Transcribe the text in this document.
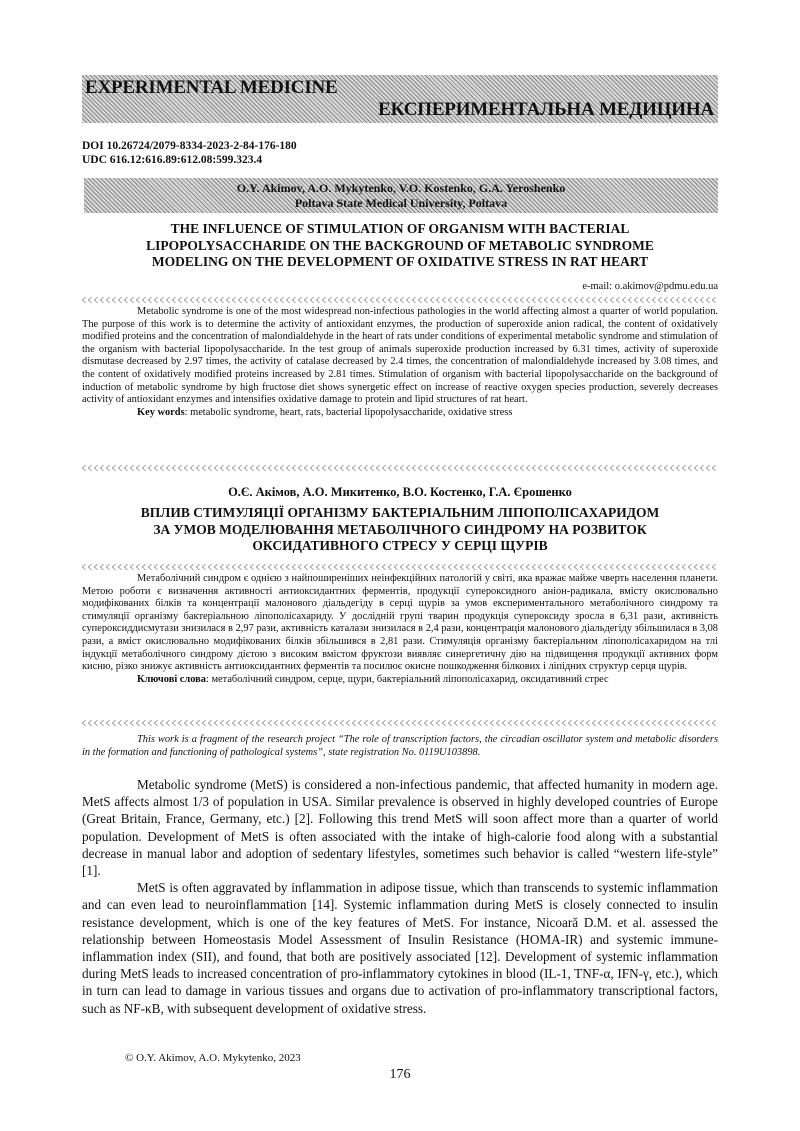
EXPERIMENTAL MEDICINE
ЕКСПЕРИМЕНТАЛЬНА МЕДИЦИНА
DOI 10.26724/2079-8334-2023-2-84-176-180
UDC 616.12:616.89:612.08:599.323.4
O.Y. Akimov, A.O. Mykytenko, V.O. Kostenko, G.A. Yeroshenko
Poltava State Medical University, Poltava
THE INFLUENCE OF STIMULATION OF ORGANISM WITH BACTERIAL
LIPOPOLYSACCHARIDE ON THE BACKGROUND OF METABOLIC SYNDROME
MODELING ON THE DEVELOPMENT OF OXIDATIVE STRESS IN RAT HEART
e-mail: o.akimov@pdmu.edu.ua

Metabolic syndrome is one of the most widespread non-infectious pathologies in the world affecting almost a quarter of world population. The purpose of this work is to determine the activity of antioxidant enzymes, the production of superoxide anion radical, the content of oxidatively modified proteins and the concentration of malondialdehyde in the heart of rats under conditions of experimental metabolic syndrome and stimulation of the organism with bacterial lipopolysaccharide. In the test group of animals superoxide production increased by 6.31 times, activity of superoxide dismutase decreased by 2.97 times, the activity of catalase decreased by 2.4 times, the concentration of malondialdehyde increased by 3.08 times, and the content of oxidatively modified proteins increased by 2.81 times. Stimulation of organism with bacterial lipopolysaccharide on the background of induction of metabolic syndrome by high fructose diet shows synergetic effect on increase of reactive oxygen species production, severely decreases activity of antioxidant enzymes and intensifies oxidative damage to protein and lipid structures of rat heart.

Key words: metabolic syndrome, heart, rats, bacterial lipopolysaccharide, oxidative stress

О.Є. Акімов, А.О. Микитенко, В.О. Костенко, Г.А. Єрошенко
ВПЛИВ СТИМУЛЯЦІЇ ОРГАНІЗМУ БАКТЕРІАЛЬНИМ ЛІПОПОЛІСАХАРИДОМ
ЗА УМОВ МОДЕЛЮВАННЯ МЕТАБОЛІЧНОГО СИНДРОМУ НА РОЗВИТОК
ОКСИДАТИВНОГО СТРЕСУ У СЕРЦІ ЩУРІВ

Метаболічний синдром є однією з найпоширеніших неінфекційних патологій у світі, яка вражає майже чверть населення планети. Метою роботи є визначення активності антиоксидантних ферментів, продукції супероксидного аніон-радикала, вмісту окислювально модифікованих білків та концентрації малонового діальдегіду в серці щурів за умов експериментального метаболічного синдрому та стимуляції організму бактеріальною ліпополісахариду. У дослідній групі тварин продукція супероксиду зросла в 6,31 рази, активність супероксиддисмутази знизилася в 2,97 рази, активність каталази знизилася в 2,4 рази, концентрація малонового діальдегіду збільшилася в 3,08 рази, а вміст окислювально модифікованих білків збільшився в 2,81 рази. Стимуляція організму бактеріальним ліпополісахаридом на тлі індукції метаболічного синдрому дієтою з високим вмістом фруктози виявляє синергетичну дію на підвищення продукції активних форм кисню, різко знижує активність антиоксидантних ферментів та посилює окисне пошкодження білкових і ліпідних структур серця щурів.

Ключові слова: метаболічний синдром, серце, щури, бактеріальний ліпополісахарид, оксидативний стрес

This work is a fragment of the research project “The role of transcription factors, the circadian oscillator system and metabolic disorders in the formation and functioning of pathological systems”, state registration No. 0119U103898.

Metabolic syndrome (MetS) is considered a non-infectious pandemic, that affected humanity in modern age. MetS affects almost 1/3 of population in USA. Similar prevalence is observed in highly developed countries of Europe (Great Britain, France, Germany, etc.) [2]. Following this trend MetS will soon affect more than a quarter of world population. Development of MetS is often associated with the intake of high-calorie food along with a substantial decrease in manual labor and adoption of sedentary lifestyles, sometimes such behavior is called “western life-style” [1].

MetS is often aggravated by inflammation in adipose tissue, which than transcends to systemic inflammation and can even lead to neuroinflammation [14]. Systemic inflammation during MetS is closely connected to insulin resistance development, which is one of the key features of MetS. For instance, Nicoară D.M. et al. assessed the relationship between Homeostasis Model Assessment of Insulin Resistance (HOMA-IR) and systemic immune-inflammation index (SII), and found, that both are positively associated [12]. Development of systemic inflammation during MetS leads to increased concentration of pro-inflammatory cytokines in blood (IL-1, TNF-α, IFN-γ, etc.), which in turn can lead to damage in various tissues and organs due to activation of pro-inflammatory transcriptional factors, such as NF-κB, with subsequent development of oxidative stress.

© O.Y. Akimov, A.O. Mykytenko, 2023
176
